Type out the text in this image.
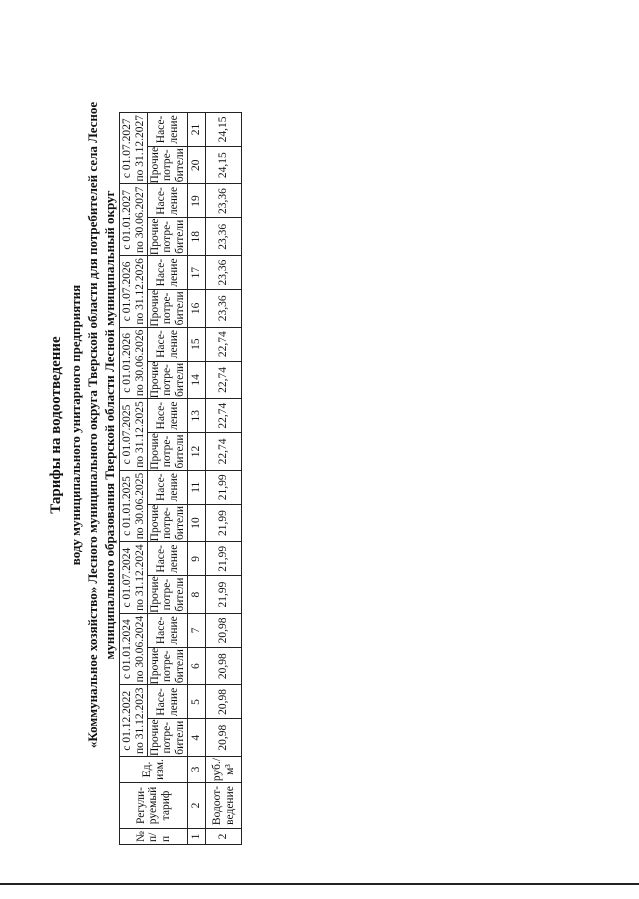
Тарифы на водоотведение воду муниципального унитарного предприятия «Коммунальное хозяйство» Лесного муниципального округа Тверской области для потребителей села Лесное муниципального образования Тверской области Лесной муниципальный округ
№ п/п	Регули-руемый тариф	Ед. изм.	с 01.12.2022 по 31.12.2023		с 01.01.2024 по 30.06.2024		с 01.07.2024 по 31.12.2024		с 01.01.2025 по 30.06.2025		с 01.07.2025 по 31.12.2025		с 01.01.2026 по 30.06.2026		с 01.07.2026 по 31.12.2026		с 01.01.2027 по 30.06.2027		с 01.07.2027 по 31.12.2027	
			Прочие потре-бители	Насе-ление	Прочие потре-бители	Насе-ление	Прочие потре-бители	Насе-ление	Прочие потре-бители	Насе-ление	Прочие потре-бители	Насе-ление	Прочие потре-бители	Насе-ление	Прочие потре-бители	Насе-ление	Прочие потре-бители	Насе-ление	Прочие потре-бители	Насе-ление
1	2	3	4	5	6	7	8	9	10	11	12	13	14	15	16	17	18	19	20	21
2	Водоот-ведение	руб./м³	20,98	20,98	20,98	20,98	21,99	21,99	21,99	21,99	22,74	22,74	22,74	22,74	23,36	23,36	23,36	23,36	24,15	24,15
